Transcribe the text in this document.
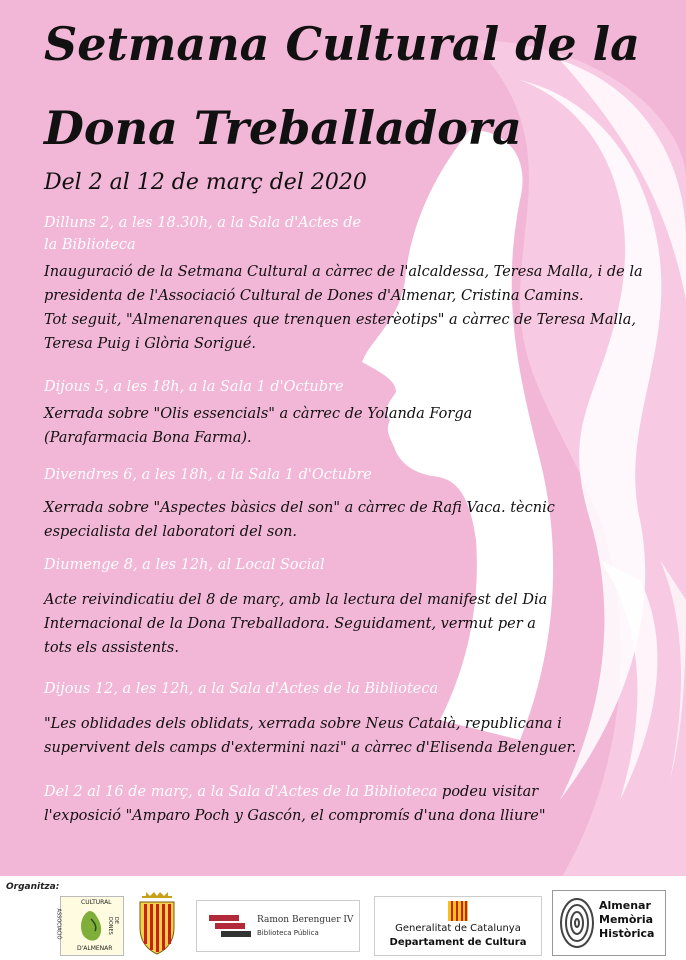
Setmana Cultural de la
Dona Treballadora
Del 2 al 12 de març del 2020
Dilluns 2, a les 18.30h, a la Sala d'Actes de
la Biblioteca
Inauguració de la Setmana Cultural a càrrec de l'alcaldessa, Teresa Malla, i de la
presidenta de l'Associació Cultural de Dones d'Almenar, Cristina Camins.
Tot seguit, "Almenarenques que trenquen esterèotips" a càrrec de Teresa Malla,
Teresa Puig i Glòria Sorigué.
Dijous 5, a les 18h, a la Sala 1 d'Octubre
Xerrada sobre "Olis essencials" a càrrec de Yolanda Forga
(Parafarmacia Bona Farma).
Divendres 6, a les 18h, a la Sala 1 d'Octubre
Xerrada sobre "Aspectes bàsics del son" a càrrec de Rafi Vaca. tècnic
especialista del laboratori del son.
Diumenge 8, a les 12h, al Local Social
Acte reivindicatiu del 8 de març, amb la lectura del manifest del Dia
Internacional de la Dona Treballadora. Seguidament, vermut per a
tots els assistents.
Dijous 12, a les 12h, a la Sala d'Actes de la Biblioteca
"Les oblidades dels oblidats, xerrada sobre Neus Català, republicana i
supervivent dels camps d'extermini nazi" a càrrec d'Elisenda Belenguer.
Del 2 al 16 de març, a la Sala d'Actes de la Biblioteca podeu visitar
l'exposició "Amparo Poch y Gascón, el compromís d'una dona lliure"
Organitza:
CULTURAL
ASSOCIACIÓ	DE DONES
D'ALMENAR
Ramon Berenguer IV
Biblioteca Pública	Generalitat de Catalunya
Departament de Cultura
Almenar
Memòria
Històrica
